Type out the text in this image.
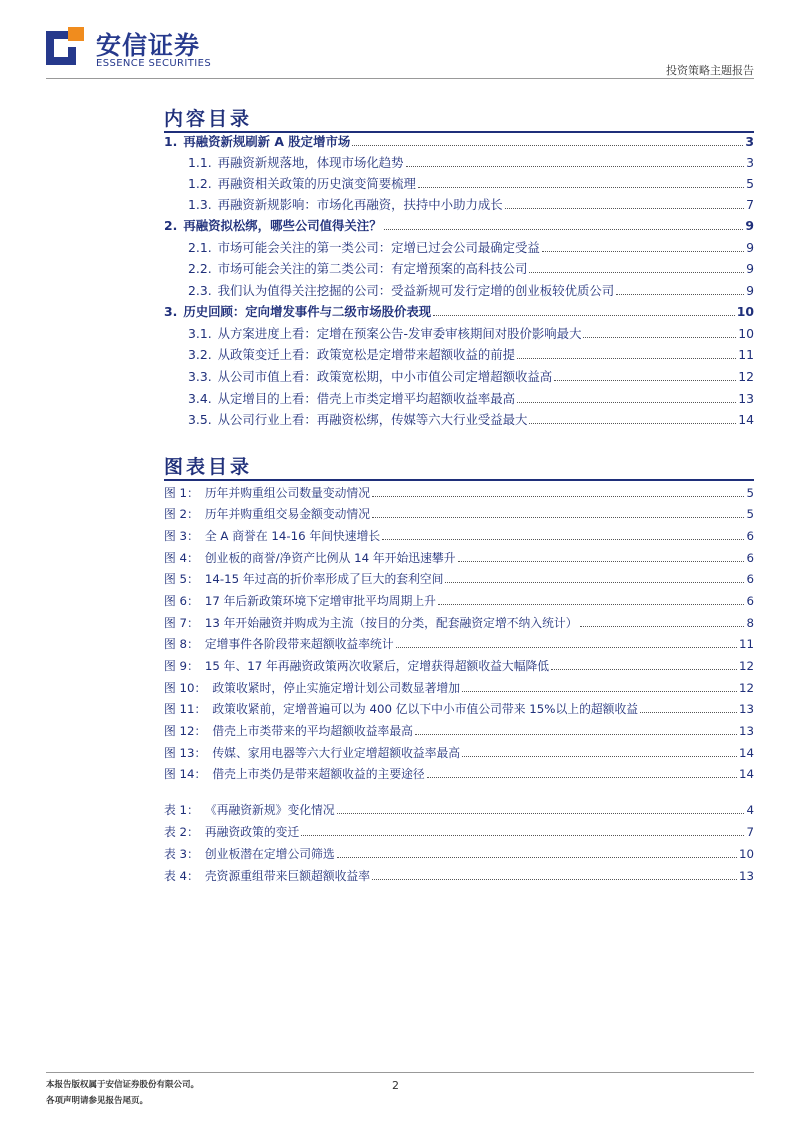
安信证券
ESSENCE SECURITIES
投资策略主题报告
内容目录
1. 再融资新规刷新 A 股定增市场	3
1.1. 再融资新规落地，体现市场化趋势	3
1.2. 再融资相关政策的历史演变简要梳理	5
1.3. 再融资新规影响：市场化再融资，扶持中小助力成长	7
2. 再融资拟松绑，哪些公司值得关注？	9
2.1. 市场可能会关注的第一类公司：定增已过会公司最确定受益	9
2.2. 市场可能会关注的第二类公司：有定增预案的高科技公司	9
2.3. 我们认为值得关注挖掘的公司：受益新规可发行定增的创业板较优质公司	9
3. 历史回顾：定向增发事件与二级市场股价表现	10
3.1. 从方案进度上看：定增在预案公告-发审委审核期间对股价影响最大	10
3.2. 从政策变迁上看：政策宽松是定增带来超额收益的前提	11
3.3. 从公司市值上看：政策宽松期，中小市值公司定增超额收益高	12
3.4. 从定增目的上看：借壳上市类定增平均超额收益率最高	13
3.5. 从公司行业上看：再融资松绑，传媒等六大行业受益最大	14
图表目录
图 1： 历年并购重组公司数量变动情况	5
图 2： 历年并购重组交易金额变动情况	5
图 3： 全 A 商誉在 14-16 年间快速增长	6
图 4： 创业板的商誉/净资产比例从 14 年开始迅速攀升	6
图 5： 14-15 年过高的折价率形成了巨大的套利空间	6
图 6： 17 年后新政策环境下定增审批平均周期上升	6
图 7： 13 年开始融资并购成为主流（按目的分类，配套融资定增不纳入统计）	8
图 8： 定增事件各阶段带来超额收益率统计	11
图 9： 15 年、17 年再融资政策两次收紧后，定增获得超额收益大幅降低	12
图 10： 政策收紧时，停止实施定增计划公司数显著增加	12
图 11： 政策收紧前，定增普遍可以为 400 亿以下中小市值公司带来 15%以上的超额收益	13
图 12： 借壳上市类带来的平均超额收益率最高	13
图 13： 传媒、家用电器等六大行业定增超额收益率最高	14
图 14： 借壳上市类仍是带来超额收益的主要途径	14
表 1： 《再融资新规》变化情况	4
表 2： 再融资政策的变迁	7
表 3： 创业板潜在定增公司筛选	10
表 4： 壳资源重组带来巨额超额收益率	13
本报告版权属于安信证券股份有限公司。
各项声明请参见报告尾页。
2
